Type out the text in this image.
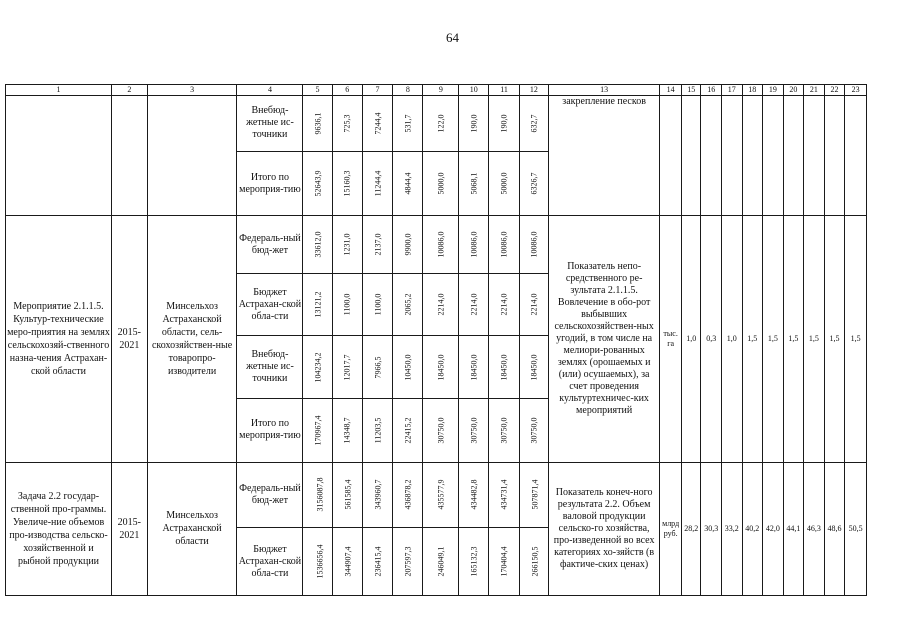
64
1	2	3	4	5	6	7	8	9	10	11	12	13	14	15	16	17	18	19	20	21	22	23
			Внебюд-жетные ис-точники	9636,1	725,3	7244,4	531,7	122,0	190,0	190,0	632,7	закрепление песков										
			Итого по мероприя-тию	52643,9	15160,3	11244,4	4844,4	5000,0	5068,1	5000,0	6326,7											
Мероприятие 2.1.1.5. Культур-технические меро-приятия на землях сельскохозяй-ственного назна-чения Астрахан-ской области	2015-2021	Минсельхоз Астраханской области, сель-скохозяйствен-ные товаропро-изводители	Федераль-ный бюд-жет	33612,0	1231,0	2137,0	9900,0	10086,0	10086,0	10086,0	10086,0	Показатель непо-средственного ре-зультата 2.1.1.5. Вовлечение в обо-рот выбывших сельскохозяйствен-ных угодий, в том числе на мелиори-рованных землях (орошаемых и (или) осушаемых), за счет проведения культуртехничес-ких мероприятий	тыс. га	1,0	0,3	1,0	1,5	1,5	1,5	1,5	1,5	1,5
			Бюджет Астрахан-ской обла-сти	13121,2	1100,0	1100,0	2065,2	2214,0	2214,0	2214,0	2214,0											
			Внебюд-жетные ис-точники	104234,2	12017,7	7966,5	10450,0	18450,0	18450,0	18450,0	18450,0											
			Итого по мероприя-тию	170967,4	14348,7	11203,5	22415,2	30750,0	30750,0	30750,0	30750,0											
Задача 2.2 государ-ственной про-граммы. Увеличе-ние объемов про-изводства сельско-хозяйственной и рыбной продукции	2015-2021	Минсельхоз Астраханской области	Федераль-ный бюд-жет	3156087,8	561585,4	343960,7	436878,2	435577,9	434482,8	434731,4	507871,4	Показатель конеч-ного результата 2.2. Объем валовой продукции сельско-го хозяйства, про-изведенной во всех категориях хо-зяйств (в фактиче-ских ценах)	млрд руб.	28,2	30,3	33,2	40,2	42,0	44,1	46,3	48,6	50,5
			Бюджет Астрахан-ской обла-сти	1536656,4	344907,4	236415,4	207597,3	246049,1	165132,3	170404,4	266150,5											
